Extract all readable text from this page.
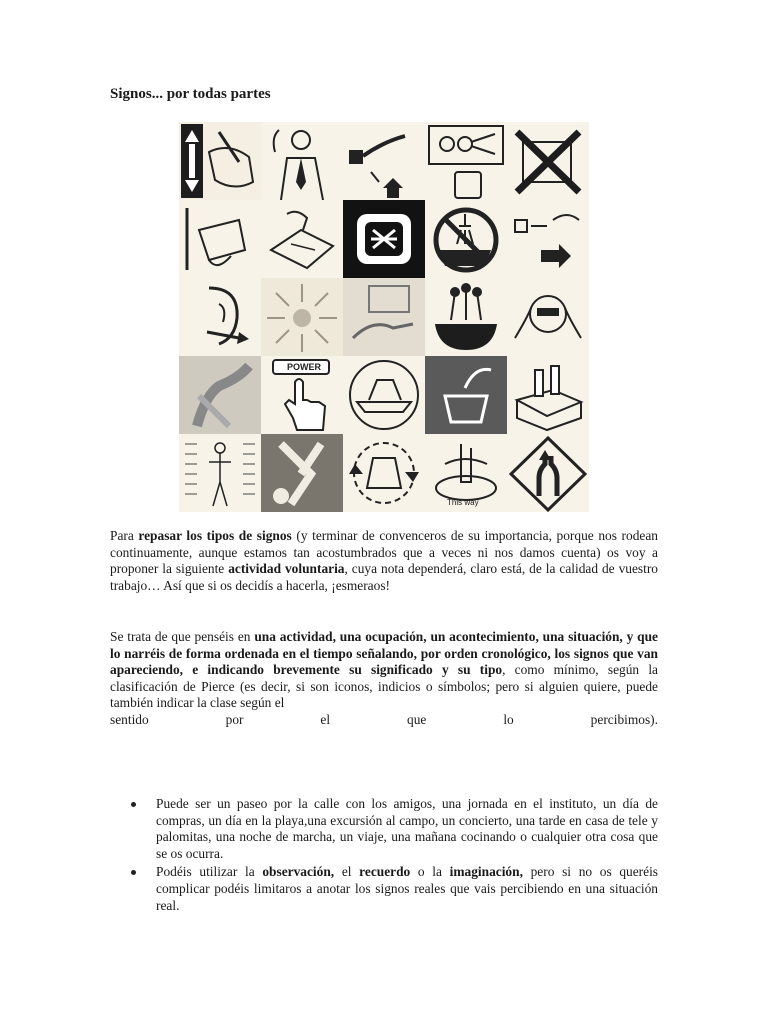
Signos... por todas partes
POWER
This way

Para repasar los tipos de signos (y terminar de convenceros de su importancia, porque nos rodean continuamente, aunque estamos tan acostumbrados que a veces ni nos damos cuenta) os voy a proponer la siguiente actividad voluntaria, cuya nota dependerá, claro está, de la calidad de vuestro trabajo… Así que si os decidís a hacerla, ¡esmeraos!

Se trata de que penséis en una actividad, una ocupación, un acontecimiento, una situación, y que lo narréis de forma ordenada en el tiempo señalando, por orden cronológico, los signos que van apareciendo, e indicando brevemente su significado y su tipo, como mínimo, según la clasificación de Pierce (es decir, si son iconos, indicios o símbolos; pero si alguien quiere, puede también indicar la clase según el
sentido por el que lo percibimos).

Puede ser un paseo por la calle con los amigos, una jornada en el instituto, un día de compras, un día en la playa,una excursión al campo, un concierto, una tarde en casa de tele y palomitas, una noche de marcha, un viaje, una mañana cocinando o cualquier otra cosa que se os ocurra.
Podéis utilizar la observación, el recuerdo o la imaginación, pero si no os queréis complicar podéis limitaros a anotar los signos reales que vais percibiendo en una situación real.
